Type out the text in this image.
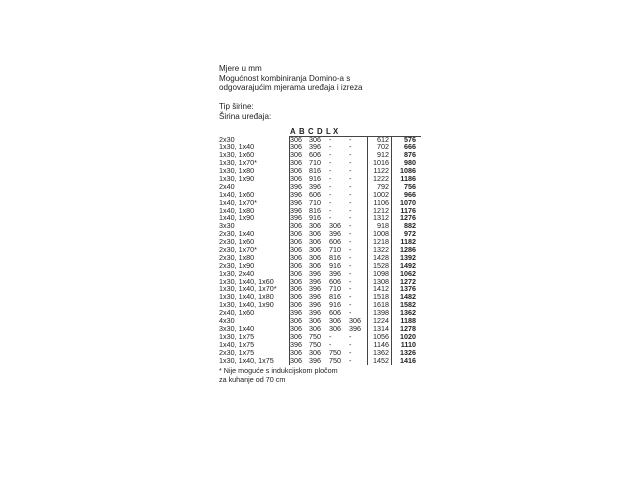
Mjere u mm
Mogućnost kombiniranja Domino-a s
odgovarajućim mjerama uređaja i izreza
Tip širine:
Širina uređaja:
A B C D L X
2x30	306 306 - -	612	576
1x30, 1x40	306 396 - -	702	666
1x30, 1x60	306 606 - -	912	876
1x30, 1x70*	306 710 - -	1016	980
1x30, 1x80	306 816 - -	1122	1086
1x30, 1x90	306 916 - -	1222	1186
2x40	396 396 - -	792	756
1x40, 1x60	396 606 - -	1002	966
1x40, 1x70*	396 710 - -	1106	1070
1x40, 1x80	396 816 - -	1212	1176
1x40, 1x90	396 916 - -	1312	1276
3x30	306 306 306 -	918	882
2x30, 1x40	306 306 396 -	1008	972
2x30, 1x60	306 306 606 -	1218	1182
2x30, 1x70*	306 306 710 -	1322	1286
2x30, 1x80	306 306 816 -	1428	1392
2x30, 1x90	306 306 916 -	1528	1492
1x30, 2x40	306 396 396 -	1098	1062
1x30, 1x40, 1x60	306 396 606 -	1308	1272
1x30, 1x40, 1x70*	306 396 710 -	1412	1376
1x30, 1x40, 1x80	306 396 816 -	1518	1482
1x30, 1x40, 1x90	306 396 916 -	1618	1582
2x40, 1x60	396 396 606 -	1398	1362
4x30	306 306 306 306	1224	1188
3x30, 1x40	306 306 306 396	1314	1278
1x30, 1x75	306 750 - -	1056	1020
1x40, 1x75	396 750 - -	1146	1110
2x30, 1x75	306 306 750 -	1362	1326
1x30, 1x40, 1x75	306 396 750 -	1452	1416
* Nije moguće s indukcijskom pločom
za kuhanje od 70 cm
